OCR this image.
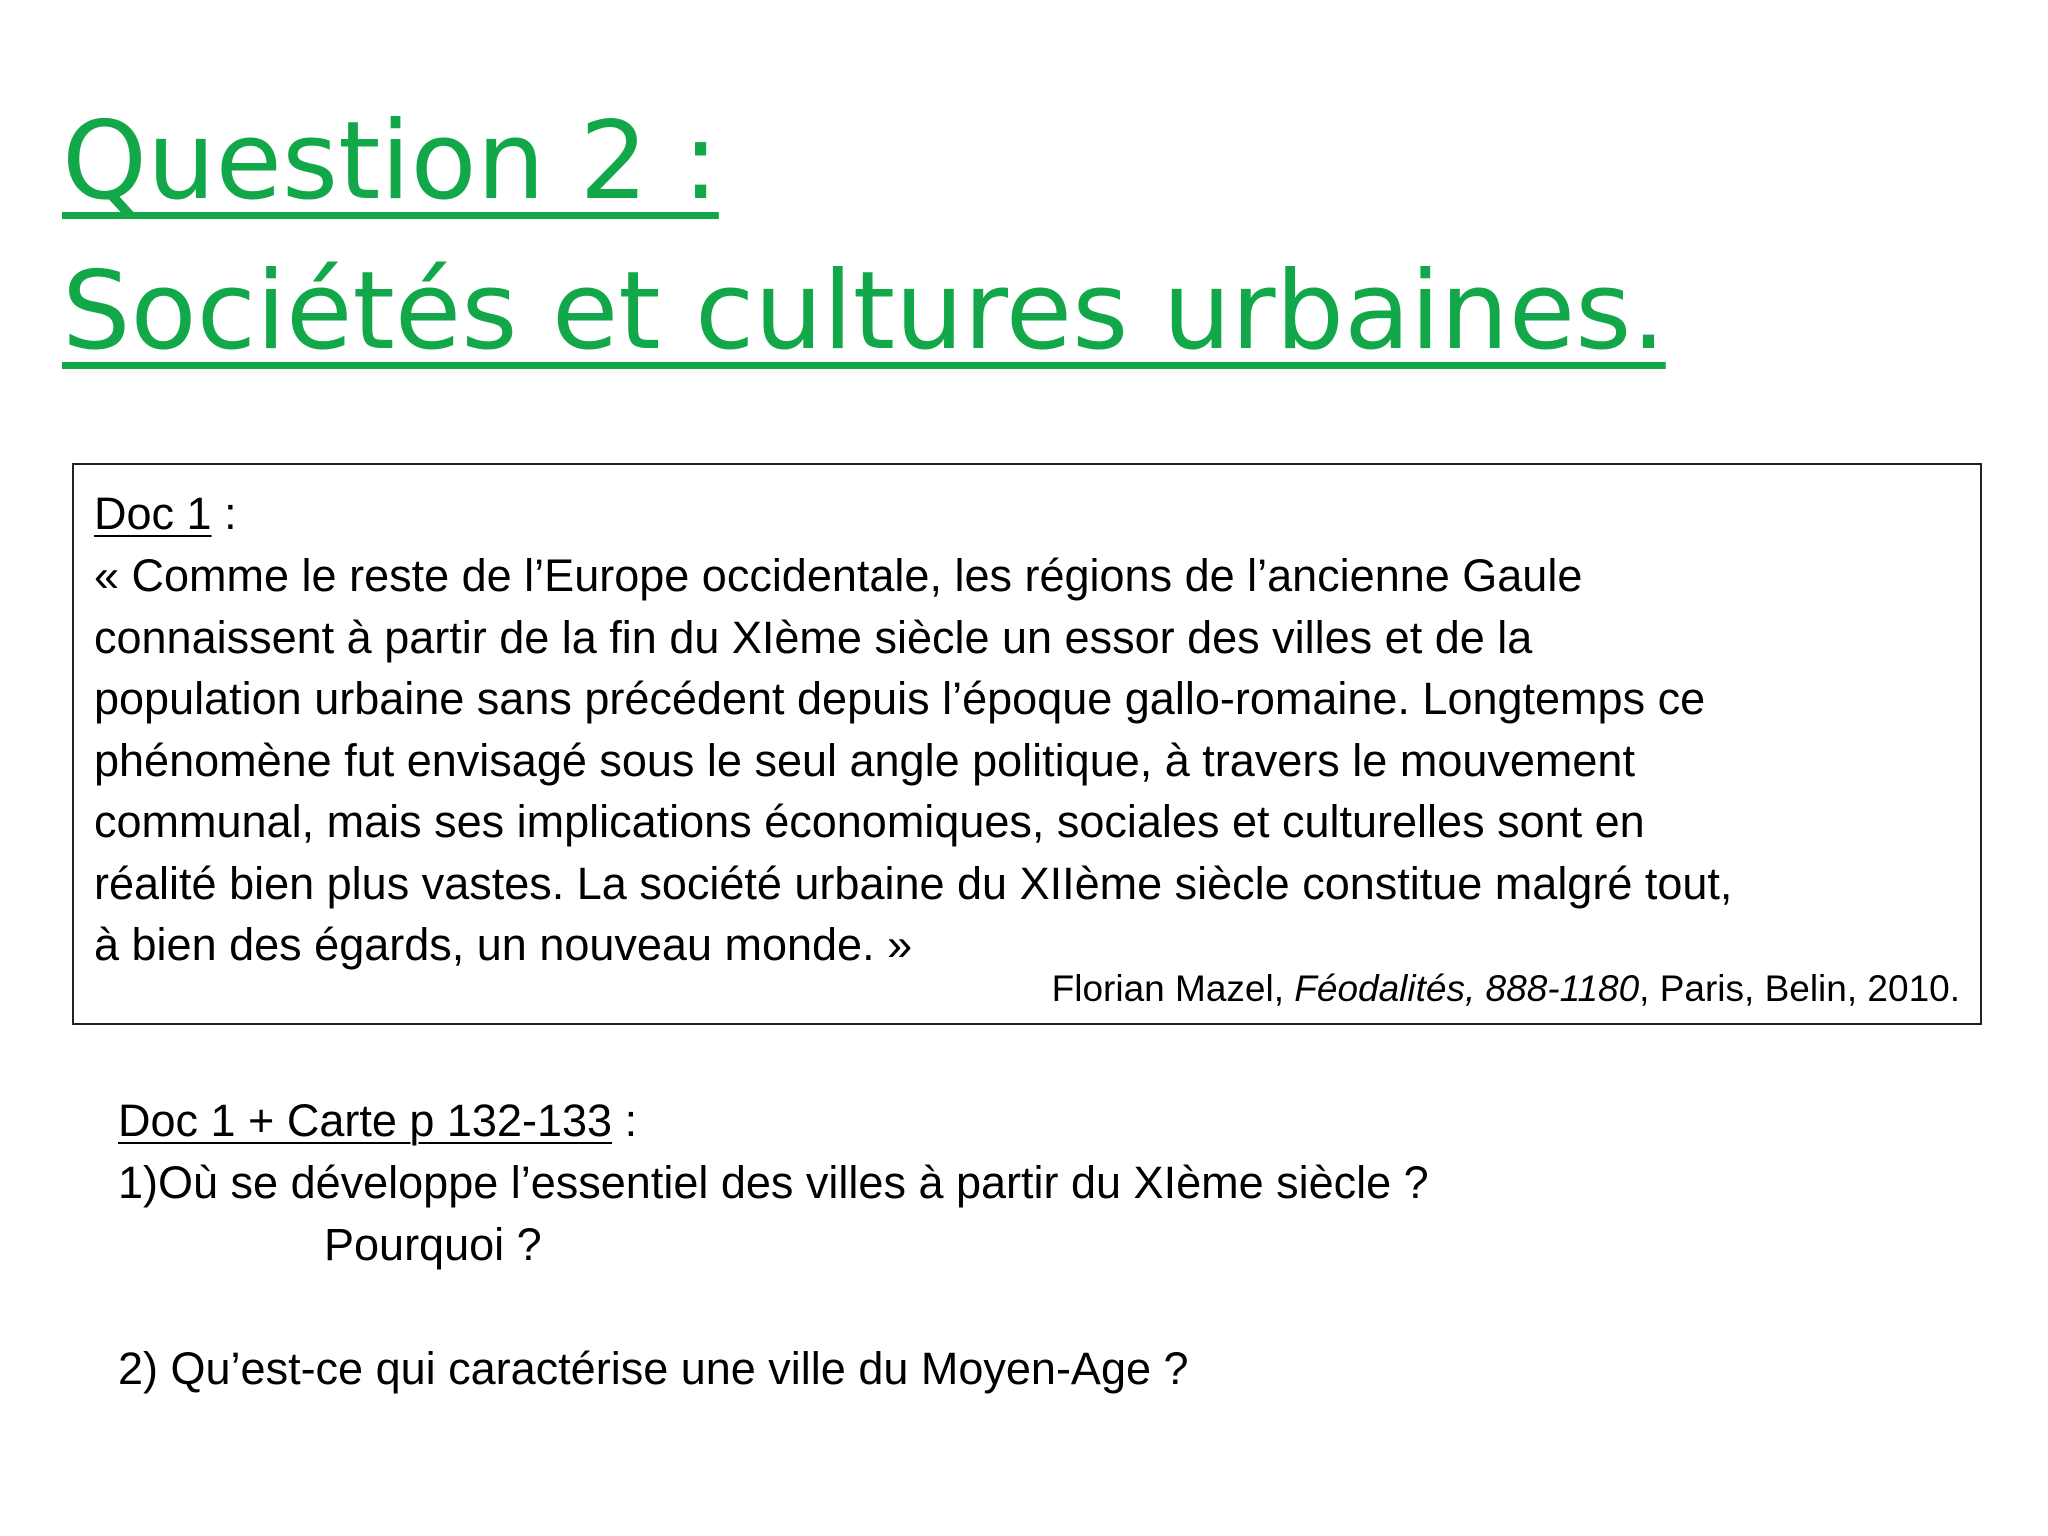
Question 2 :
Sociétés et cultures urbaines.
Doc 1 :
« Comme le reste de l’Europe occidentale, les régions de l’ancienne Gaule
connaissent à partir de la fin du XIème siècle un essor des villes et de la
population urbaine sans précédent depuis l’époque gallo-romaine. Longtemps ce
phénomène fut envisagé sous le seul angle politique, à travers le mouvement
communal, mais ses implications économiques, sociales et culturelles sont en
réalité bien plus vastes. La société urbaine du XIIème siècle constitue malgré tout,
à bien des égards, un nouveau monde. »
Florian Mazel, Féodalités, 888-1180, Paris, Belin, 2010.
Doc 1 + Carte p 132-133 :
1)Où se développe l’essentiel des villes à partir du XIème siècle ?
Pourquoi ?
2) Qu’est-ce qui caractérise une ville du Moyen-Age ?
